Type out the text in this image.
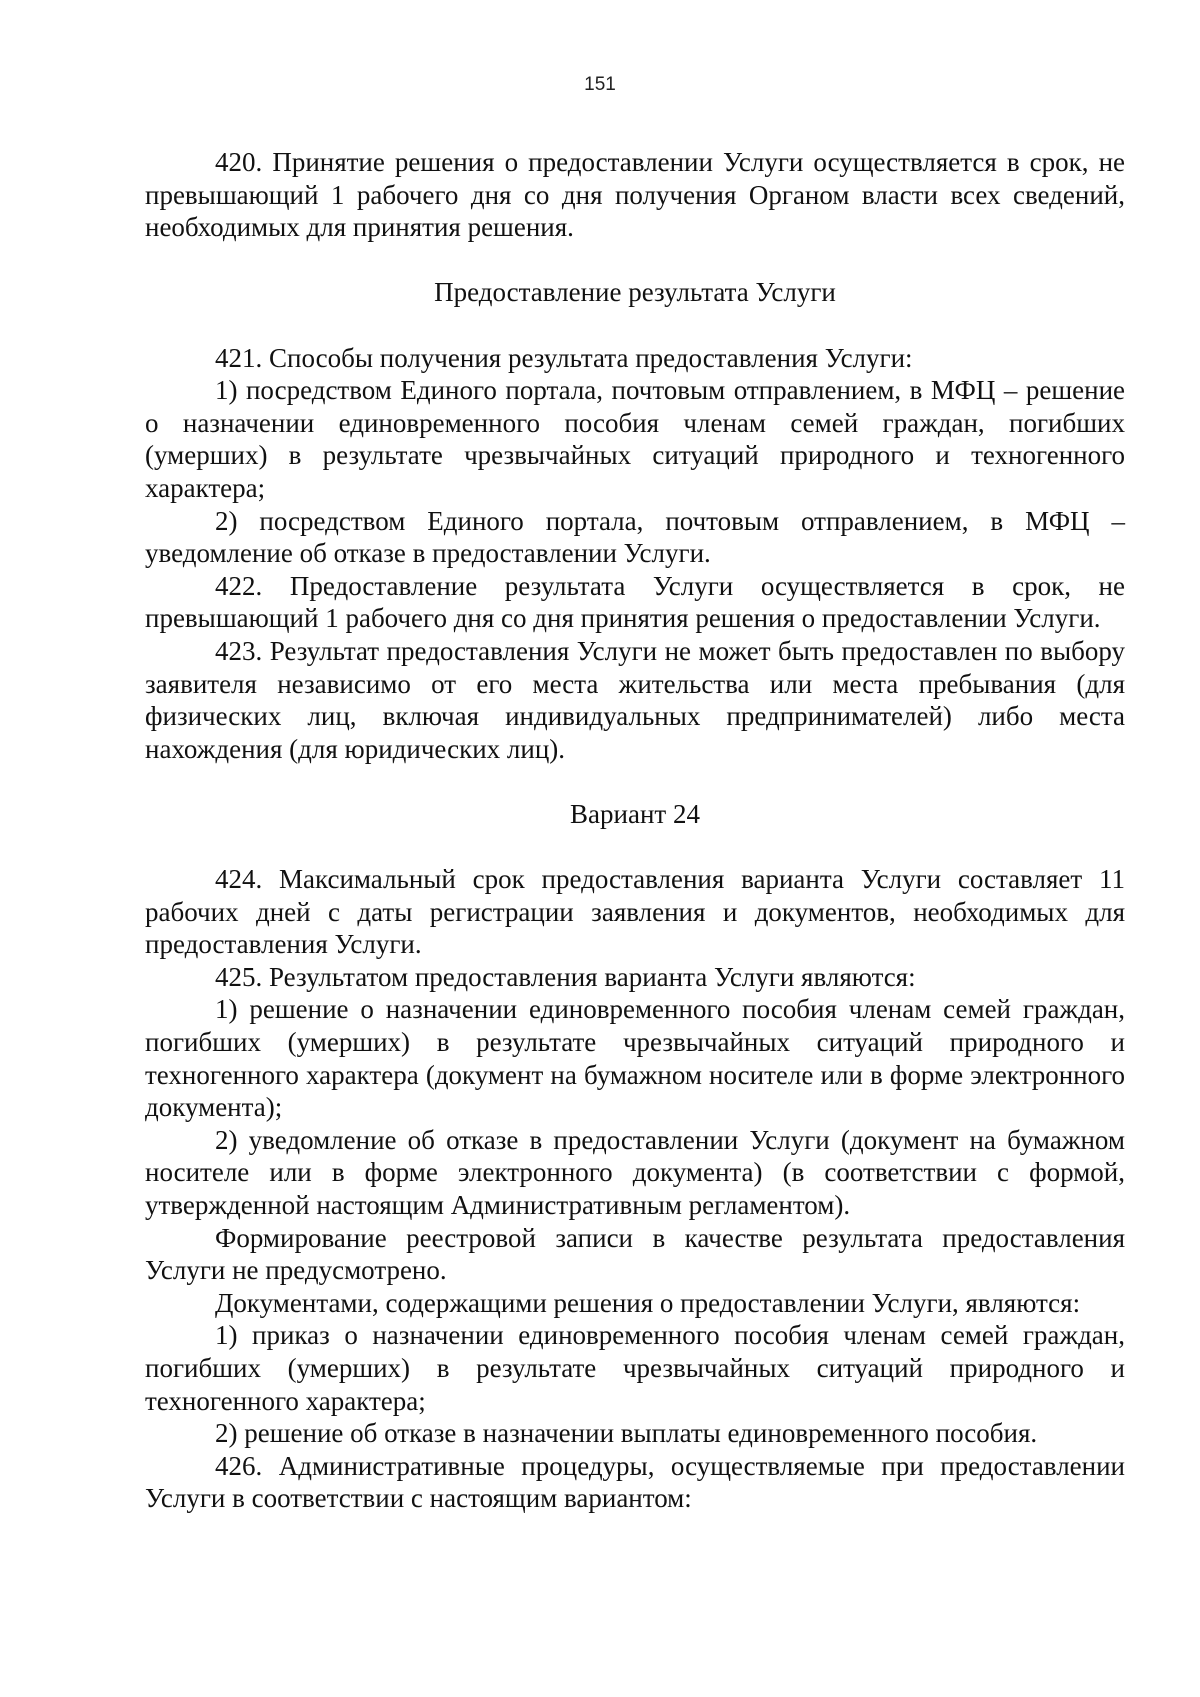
151

420. Принятие решения о предоставлении Услуги осуществляется в срок, не превышающий 1 рабочего дня со дня получения Органом власти всех сведений, необходимых для принятия решения.

Предоставление результата Услуги

421. Способы получения результата предоставления Услуги:

1) посредством Единого портала, почтовым отправлением, в МФЦ – решение о назначении единовременного пособия членам семей граждан, погибших (умерших) в результате чрезвычайных ситуаций природного и техногенного характера;

2) посредством Единого портала, почтовым отправлением, в МФЦ – уведомление об отказе в предоставлении Услуги.

422. Предоставление результата Услуги осуществляется в срок, не превышающий 1 рабочего дня со дня принятия решения о предоставлении Услуги.

423. Результат предоставления Услуги не может быть предоставлен по выбору заявителя независимо от его места жительства или места пребывания (для физических лиц, включая индивидуальных предпринимателей) либо места нахождения (для юридических лиц).

Вариант 24

424. Максимальный срок предоставления варианта Услуги составляет 11 рабочих дней с даты регистрации заявления и документов, необходимых для предоставления Услуги.

425. Результатом предоставления варианта Услуги являются:

1) решение о назначении единовременного пособия членам семей граждан, погибших (умерших) в результате чрезвычайных ситуаций природного и техногенного характера (документ на бумажном носителе или в форме электронного документа);

2) уведомление об отказе в предоставлении Услуги (документ на бумажном носителе или в форме электронного документа) (в соответствии с формой, утвержденной настоящим Административным регламентом).

Формирование реестровой записи в качестве результата предоставления Услуги не предусмотрено.

Документами, содержащими решения о предоставлении Услуги, являются:

1) приказ о назначении единовременного пособия членам семей граждан, погибших (умерших) в результате чрезвычайных ситуаций природного и техногенного характера;

2) решение об отказе в назначении выплаты единовременного пособия.

426. Административные процедуры, осуществляемые при предоставлении Услуги в соответствии с настоящим вариантом:
